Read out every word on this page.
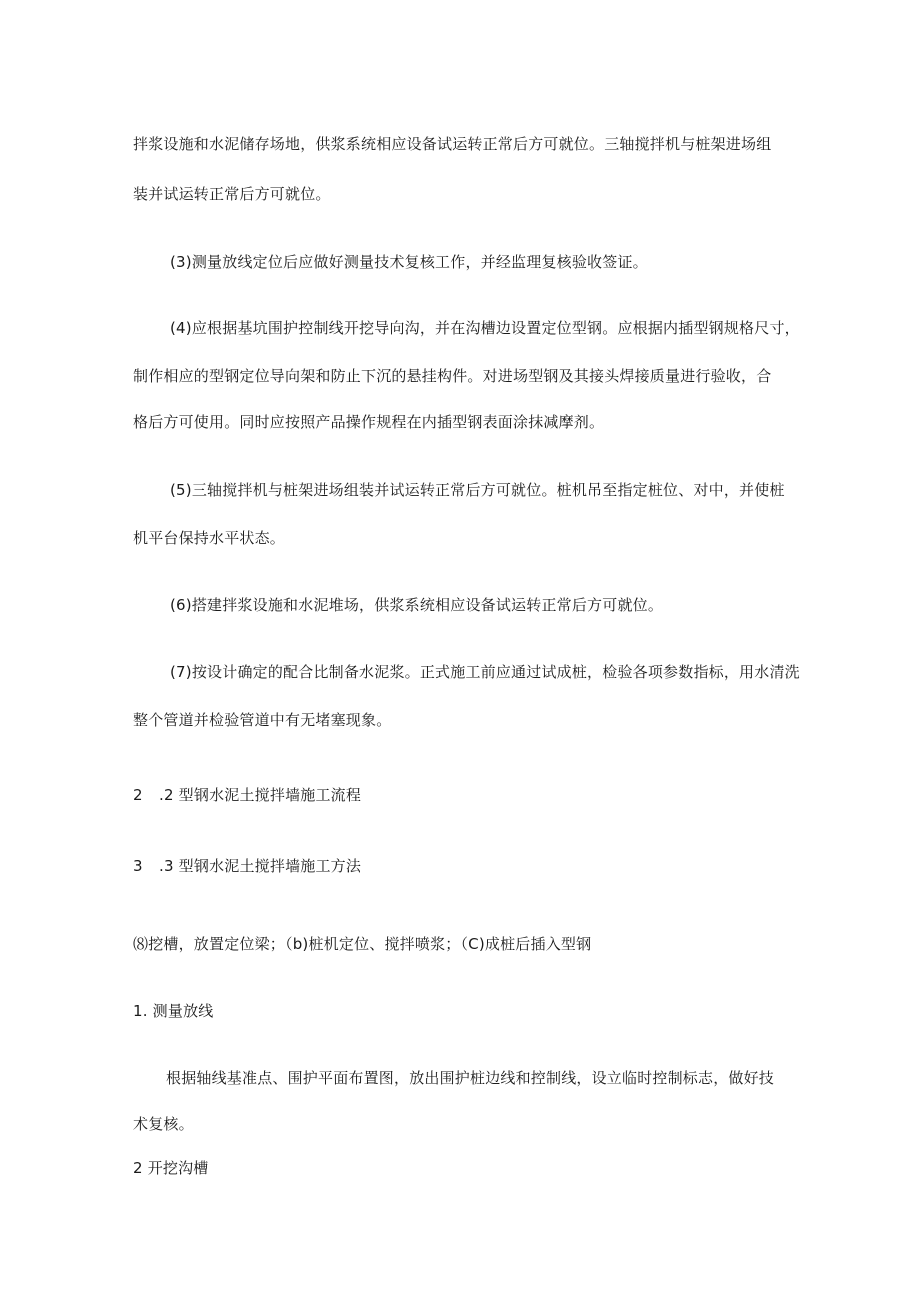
拌浆设施和水泥储存场地，供浆系统相应设备试运转正常后方可就位。三轴搅拌机与桩架进场组
装并试运转正常后方可就位。
(3)测量放线定位后应做好测量技术复核工作，并经监理复核验收签证。
(4)应根据基坑围护控制线开挖导向沟，并在沟槽边设置定位型钢。应根据内插型钢规格尺寸，
制作相应的型钢定位导向架和防止下沉的悬挂构件。对进场型钢及其接头焊接质量进行验收，合
格后方可使用。同时应按照产品操作规程在内插型钢表面涂抹减摩剂。
(5)三轴搅拌机与桩架进场组装并试运转正常后方可就位。桩机吊至指定桩位、对中，并使桩
机平台保持水平状态。
(6)搭建拌浆设施和水泥堆场，供浆系统相应设备试运转正常后方可就位。
(7)按设计确定的配合比制备水泥浆。正式施工前应通过试成桩，检验各项参数指标，用水清洗
整个管道并检验管道中有无堵塞现象。
2 .2 型钢水泥土搅拌墙施工流程
3 .3 型钢水泥土搅拌墙施工方法
⑻挖槽，放置定位梁；（b)桩机定位、搅拌喷浆；（C)成桩后插入型钢
1. 测量放线
根据轴线基准点、围护平面布置图，放出围护桩边线和控制线，设立临时控制标志，做好技
术复核。
2 开挖沟槽
